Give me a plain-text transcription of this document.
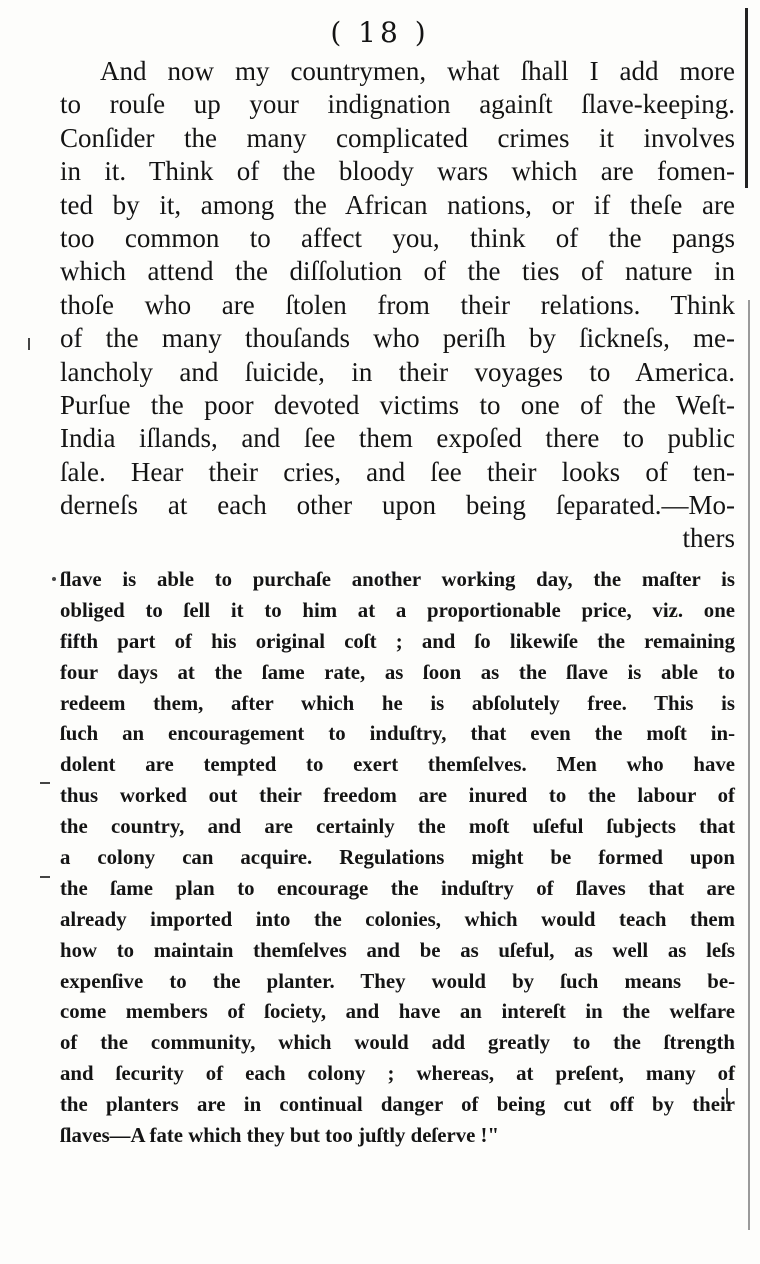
( 18 )
And now my countrymen, what ſhall I add more
to rouſe up your indignation againſt ſlave-keeping.
Conſider the many complicated crimes it involves
in it. Think of the bloody wars which are fomen-
ted by it, among the African nations, or if theſe are
too common to affect you, think of the pangs
which attend the diſſolution of the ties of nature in
thoſe who are ſtolen from their relations. Think
of the many thouſands who periſh by ſickneſs, me-
lancholy and ſuicide, in their voyages to America.
Purſue the poor devoted victims to one of the Weſt-
India iſlands, and ſee them expoſed there to public
ſale. Hear their cries, and ſee their looks of ten-
derneſs at each other upon being ſeparated.—Mo-
thers
ſlave is able to purchaſe another working day, the maſter is
obliged to ſell it to him at a proportionable price, viz. one
fifth part of his original coſt ; and ſo likewiſe the remaining
four days at the ſame rate, as ſoon as the ſlave is able to
redeem them, after which he is abſolutely free. This is
ſuch an encouragement to induſtry, that even the moſt in-
dolent are tempted to exert themſelves. Men who have
thus worked out their freedom are inured to the labour of
the country, and are certainly the moſt uſeful ſubjects that
a colony can acquire. Regulations might be formed upon
the ſame plan to encourage the induſtry of ſlaves that are
already imported into the colonies, which would teach them
how to maintain themſelves and be as uſeful, as well as leſs
expenſive to the planter. They would by ſuch means be-
come members of ſociety, and have an intereſt in the welfare
of the community, which would add greatly to the ſtrength
and ſecurity of each colony ; whereas, at preſent, many of
the planters are in continual danger of being cut off by their
ſlaves—A fate which they but too juſtly deſerve !"
